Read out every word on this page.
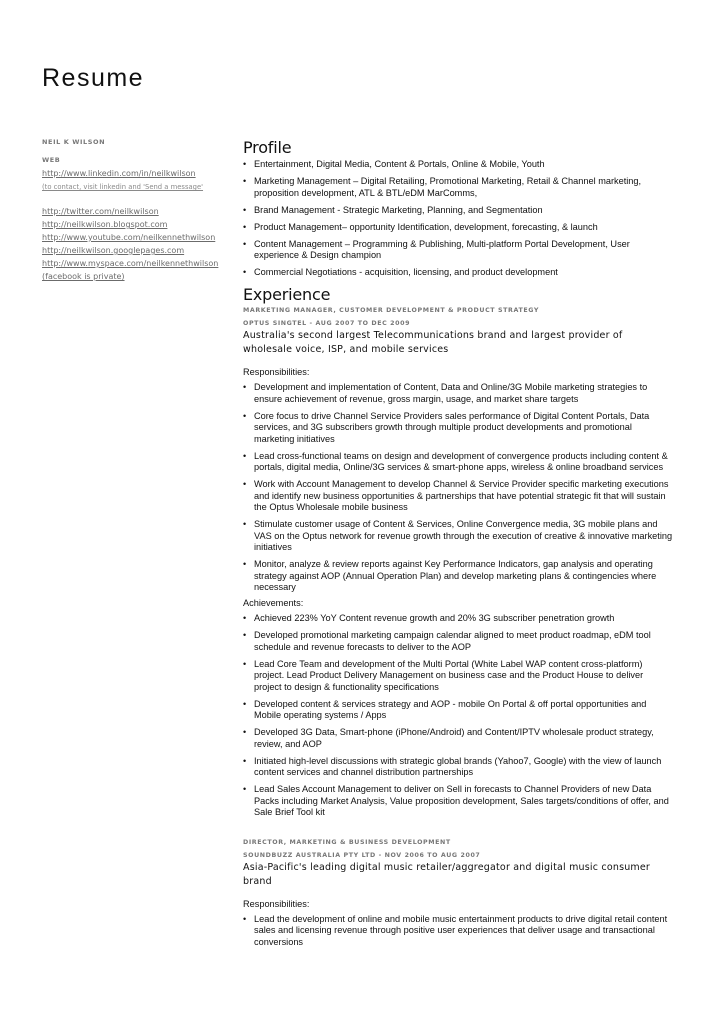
Resume
NEIL K WILSON
WEB
http://www.linkedin.com/in/neilkwilson
(to contact, visit linkedin and 'Send a message'
http://twitter.com/neilkwilson
http://neilkwilson.blogspot.com
http://www.youtube.com/neilkennethwilson
http://neilkwilson.googlepages.com
http://www.myspace.com/neilkennethwilson
(facebook is private)
Profile
• Entertainment, Digital Media, Content & Portals, Online & Mobile, Youth
• Marketing Management – Digital Retailing, Promotional Marketing, Retail & Channel marketing, proposition development, ATL & BTL/eDM MarComms,
• Brand Management - Strategic Marketing, Planning, and Segmentation
• Product Management– opportunity Identification, development, forecasting, & launch
• Content Management – Programming & Publishing, Multi-platform Portal Development, User experience & Design champion
• Commercial Negotiations - acquisition, licensing, and product development
Experience
MARKETING MANAGER, CUSTOMER DEVELOPMENT & PRODUCT STRATEGY
OPTUS SINGTEL - AUG 2007 TO DEC 2009
Australia's second largest Telecommunications brand and largest provider of wholesale voice, ISP, and mobile services
Responsibilities:
• Development and implementation of Content, Data and Online/3G Mobile marketing strategies to ensure achievement of revenue, gross margin, usage, and market share targets
• Core focus to drive Channel Service Providers sales performance of Digital Content Portals, Data services, and 3G subscribers growth through multiple product developments and promotional marketing initiatives
• Lead cross-functional teams on design and development of convergence products including content & portals, digital media, Online/3G services & smart-phone apps, wireless & online broadband services
• Work with Account Management to develop Channel & Service Provider specific marketing executions and identify new business opportunities & partnerships that have potential strategic fit that will sustain the Optus Wholesale mobile business
• Stimulate customer usage of Content & Services, Online Convergence media, 3G mobile plans and VAS on the Optus network for revenue growth through the execution of creative & innovative marketing initiatives
• Monitor, analyze & review reports against Key Performance Indicators, gap analysis and operating strategy against AOP (Annual Operation Plan) and develop marketing plans & contingencies where necessary
Achievements:
• Achieved 223% YoY Content revenue growth and 20% 3G subscriber penetration growth
• Developed promotional marketing campaign calendar aligned to meet product roadmap, eDM tool schedule and revenue forecasts to deliver to the AOP
• Lead Core Team and development of the Multi Portal (White Label WAP content cross-platform) project. Lead Product Delivery Management on business case and the Product House to deliver project to design & functionality specifications
• Developed content & services strategy and AOP - mobile On Portal & off portal opportunities and Mobile operating systems / Apps
• Developed 3G Data, Smart-phone (iPhone/Android) and Content/IPTV wholesale product strategy, review, and AOP
• Initiated high-level discussions with strategic global brands (Yahoo7, Google) with the view of launch content services and channel distribution partnerships
• Lead Sales Account Management to deliver on Sell in forecasts to Channel Providers of new Data Packs including Market Analysis, Value proposition development, Sales targets/conditions of offer, and Sale Brief Tool kit
DIRECTOR, MARKETING & BUSINESS DEVELOPMENT
SOUNDBUZZ AUSTRALIA PTY LTD - NOV 2006 TO AUG 2007
Asia-Pacific's leading digital music retailer/aggregator and digital music consumer brand
Responsibilities:
• Lead the development of online and mobile music entertainment products to drive digital retail content sales and licensing revenue through positive user experiences that deliver usage and transactional conversions
